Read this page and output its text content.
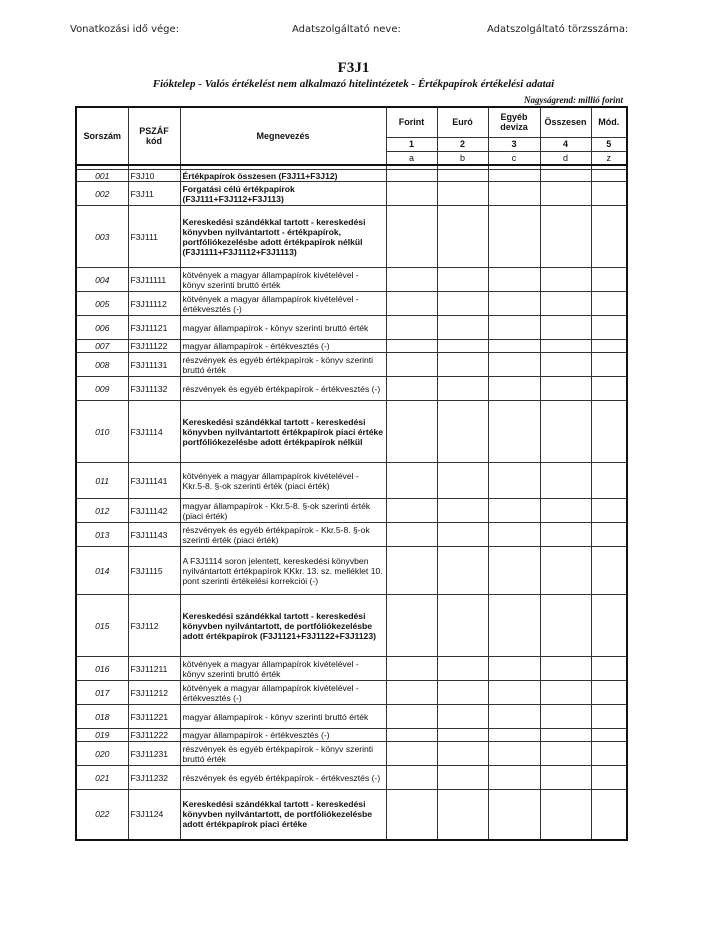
Vonatkozási idő vége:	Adatszolgáltató neve:	Adatszolgáltató törzsszáma:
F3J1
Fióktelep - Valós értékelést nem alkalmazó hitelintézetek - Értékpapírok értékelési adatai
Nagyságrend: millió forint
Sorszám	PSZÁF kód	Megnevezés	Forint	Euró	Egyéb deviza	Összesen	Mód.
			1	2	3	4	5
			a	b	c	d	z

001	F3J10	Értékpapírok összesen (F3J11+F3J12)					

002	F3J11	Forgatási célú értékpapírok (F3J111+F3J112+F3J113)					

003	F3J111	Kereskedési szándékkal tartott - kereskedési könyvben nyilvántartott - értékpapírok, portfóliókezelésbe adott értékpapírok nélkül (F3J1111+F3J1112+F3J1113)					

004	F3J11111	kötvények a magyar állampapírok kivételével - könyv szerinti bruttó érték					

005	F3J11112	kötvények a magyar állampapírok kivételével - értékvesztés (-)					

006	F3J11121	magyar állampapírok - könyv szerinti bruttó érték					

007	F3J11122	magyar állampapírok - értékvesztés (-)					

008	F3J11131	részvények és egyéb értékpapírok - könyv szerinti bruttó érték					

009	F3J11132	részvények és egyéb értékpapírok - értékvesztés (-)					

010	F3J1114	Kereskedési szándékkal tartott - kereskedési könyvben nyilvántartott értékpapírok piaci értéke portfóliókezelésbe adott értékpapírok nélkül					

011	F3J11141	kötvények a magyar állampapírok kivételével - Kkr.5-8. §-ok szerinti érték (piaci érték)					

012	F3J11142	magyar állampapírok - Kkr.5-8. §-ok szerinti érték (piaci érték)					

013	F3J11143	részvények és egyéb értékpapírok - Kkr.5-8. §-ok szerinti érték (piaci érték)					

014	F3J1115	A F3J1114 soron jelentett, kereskedési könyvben nyilvántartott értékpapírok KKkr. 13. sz. melléklet 10. pont szerinti értékelési korrekciói (-)					

015	F3J112	Kereskedési szándékkal tartott - kereskedési könyvben nyilvántartott, de portfóliókezelésbe adott értékpapírok (F3J1121+F3J1122+F3J1123)					

016	F3J11211	kötvények a magyar állampapírok kivételével - könyv szerinti bruttó érték					

017	F3J11212	kötvények a magyar állampapírok kivételével - értékvesztés (-)					

018	F3J11221	magyar állampapírok - könyv szerinti bruttó érték					

019	F3J11222	magyar állampapírok - értékvesztés (-)					

020	F3J11231	részvények és egyéb értékpapírok - könyv szerinti bruttó érték					

021	F3J11232	részvények és egyéb értékpapírok - értékvesztés (-)					

022	F3J1124	Kereskedési szándékkal tartott - kereskedési könyvben nyilvántartott, de portfóliókezelésbe adott értékpapírok piaci értéke					
